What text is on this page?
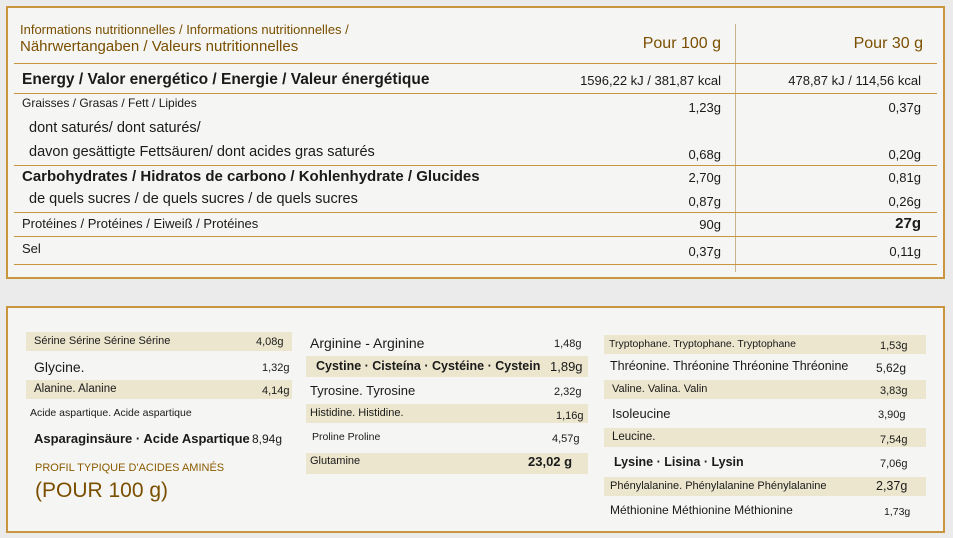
Informations nutritionnelles / Informations nutritionnelles /
Nährwertangaben / Valeurs nutritionnelles	Pour 100 g	Pour 30 g
Energy / Valor energético / Energie / Valeur énergétique	1596,22 kJ / 381,87 kcal	478,87 kJ / 114,56 kcal
Graisses / Grasas / Fett / Lipides	1,23g	0,37g
dont saturés/ dont saturés/
davon gesättigte Fettsäuren/ dont acides gras saturés	0,68g	0,20g
Carbohydrates / Hidratos de carbono / Kohlenhydrate / Glucides	2,70g	0,81g
de quels sucres / de quels sucres / de quels sucres	0,87g	0,26g
Protéines / Protéines / Eiweiß / Protéines	90g	27g
Sel	0,37g	0,11g
Sérine Sérine Sérine Sérine	4,08g
Glycine.	1,32g
Alanine. Alanine	4,14g
Acide aspartique. Acide aspartique
Asparaginsäure · Acide Aspartique 8,94g
PROFIL TYPIQUE D'ACIDES AMINÉS
(POUR 100 g)
Arginine - Arginine	1,48g
Cystine · Cisteína · Cystéine · Cystein 1,89g
Tyrosine. Tyrosine	2,32g
Histidine. Histidine.	1,16g
Proline Proline	4,57g
Glutamine	23,02 g
Tryptophane. Tryptophane. Tryptophane	1,53g
Thréonine. Thréonine Thréonine Thréonine 5,62g
Valine. Valina. Valin	3,83g
Isoleucine	3,90g
Leucine.	7,54g
Lysine · Lisina · Lysin	7,06g
Phénylalanine. Phénylalanine Phénylalanine	2,37g
Méthionine Méthionine Méthionine	1,73g
